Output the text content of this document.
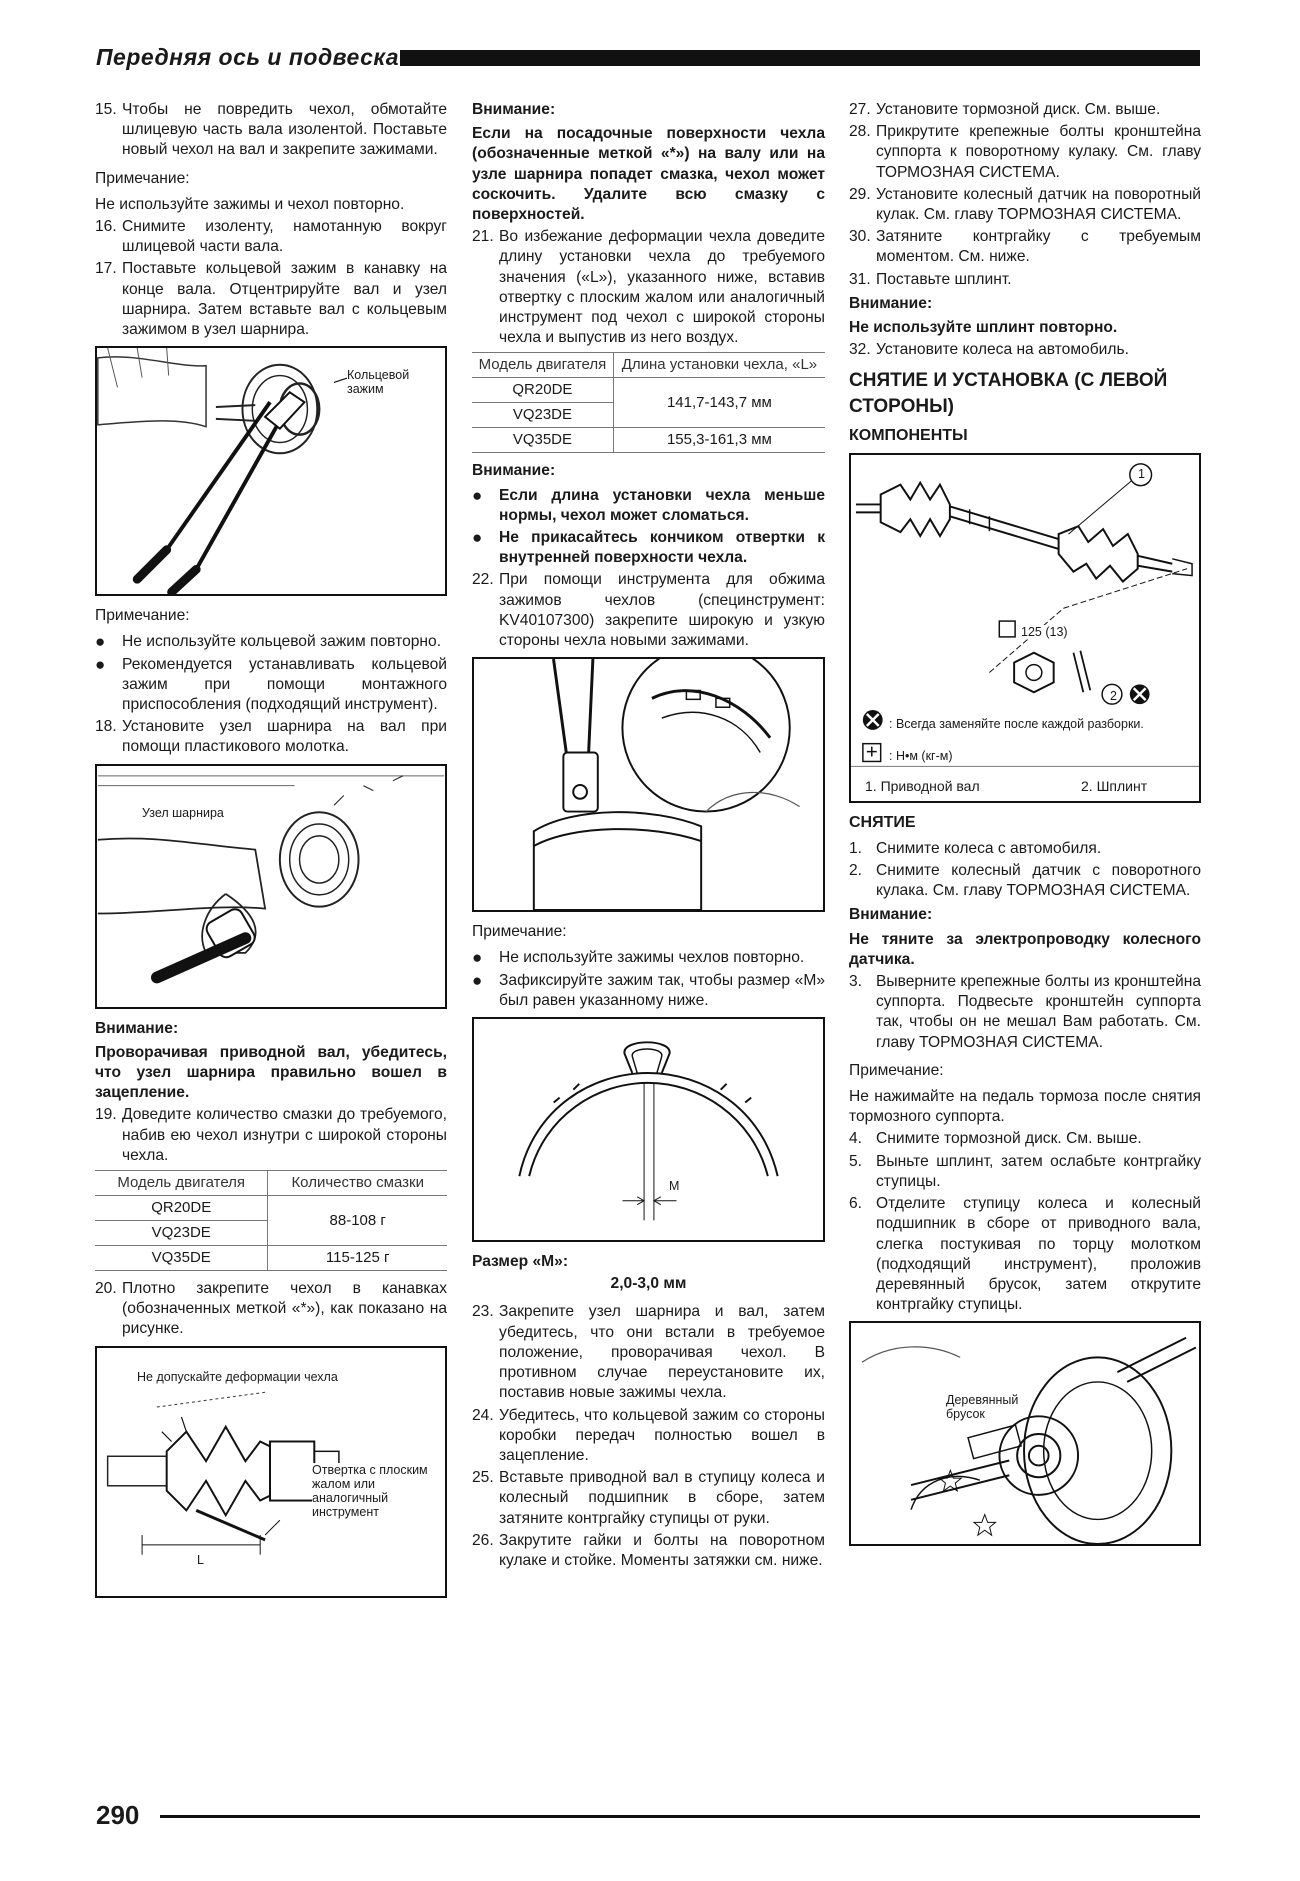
Передняя ось и подвеска
15. Чтобы не повредить чехол, обмотайте шлицевую часть вала изолентой. Поставьте новый чехол на вал и закрепите зажимами.
Примечание:
Не используйте зажимы и чехол повторно.
16. Снимите изоленту, намотанную вокруг шлицевой части вала.
17. Поставьте кольцевой зажим в канавку на конце вала. Отцентрируйте вал и узел шарнира. Затем вставьте вал с кольцевым зажимом в узел шарнира.
Кольцевой зажим
Примечание:
●	Не используйте кольцевой зажим повторно.
●	Рекомендуется устанавливать кольцевой зажим при помощи монтажного приспособления (подходящий инструмент).
18. Установите узел шарнира на вал при помощи пластикового молотка.
Узел шарнира
Внимание:
Проворачивая приводной вал, убедитесь, что узел шарнира правильно вошел в зацепление.
19. Доведите количество смазки до требуемого, набив ею чехол изнутри с широкой стороны чехла.
Модель двигателя	Количество смазки
QR20DE	88-108 г
VQ23DE	
VQ35DE	115-125 г
20. Плотно закрепите чехол в канавках (обозначенных меткой «*»), как показано на рисунке.
Не допускайте деформации чехла
Отвертка с плоским жалом или аналогичный инструмент
L
Внимание:
Если на посадочные поверхности чехла (обозначенные меткой «*») на валу или на узле шарнира попадет смазка, чехол может соскочить. Удалите всю смазку с поверхностей.
21. Во избежание деформации чехла доведите длину установки чехла до требуемого значения («L»), указанного ниже, вставив отвертку с плоским жалом или аналогичный инструмент под чехол с широкой стороны чехла и выпустив из него воздух.
Модель двигателя	Длина установки чехла, «L»
QR20DE	141,7-143,7 мм
VQ23DE	
VQ35DE	155,3-161,3 мм
Внимание:
●	Если длина установки чехла меньше нормы, чехол может сломаться.
●	Не прикасайтесь кончиком отвертки к внутренней поверхности чехла.
22. При помощи инструмента для обжима зажимов чехлов (специнструмент: KV40107300) закрепите широкую и узкую стороны чехла новыми зажимами.
Примечание:
●	Не используйте зажимы чехлов повторно.
●	Зафиксируйте зажим так, чтобы размер «М» был равен указанному ниже.
М
Размер «М»:
2,0-3,0 мм
23. Закрепите узел шарнира и вал, затем убедитесь, что они встали в требуемое положение, проворачивая чехол. В противном случае переустановите их, поставив новые зажимы чехла.
24. Убедитесь, что кольцевой зажим со стороны коробки передач полностью вошел в зацепление.
25. Вставьте приводной вал в ступицу колеса и колесный подшипник в сборе, затем затяните контргайку ступицы от руки.
26. Закрутите гайки и болты на поворотном кулаке и стойке. Моменты затяжки см. ниже.
27. Установите тормозной диск. См. выше.
28. Прикрутите крепежные болты кронштейна суппорта к поворотному кулаку. См. главу ТОРМОЗНАЯ СИСТЕМА.
29. Установите колесный датчик на поворотный кулак. См. главу ТОРМОЗНАЯ СИСТЕМА.
30. Затяните контргайку с требуемым моментом. См. ниже.
31. Поставьте шплинт.
Внимание:
Не используйте шплинт повторно.
32. Установите колеса на автомобиль.
СНЯТИЕ И УСТАНОВКА (С ЛЕВОЙ СТОРОНЫ)
КОМПОНЕНТЫ
1
2
125 (13)
: Всегда заменяйте после каждой разборки.
: Н•м (кг-м)
1. Приводной вал	2. Шплинт
СНЯТИЕ
1. Снимите колеса с автомобиля.
2. Снимите колесный датчик с поворотного кулака. См. главу ТОРМОЗНАЯ СИСТЕМА.
Внимание:
Не тяните за электропроводку колесного датчика.
3. Выверните крепежные болты из кронштейна суппорта. Подвесьте кронштейн суппорта так, чтобы он не мешал Вам работать. См. главу ТОРМОЗНАЯ СИСТЕМА.
Примечание:
Не нажимайте на педаль тормоза после снятия тормозного суппорта.
4. Снимите тормозной диск. См. выше.
5. Выньте шплинт, затем ослабьте контргайку ступицы.
6. Отделите ступицу колеса и колесный подшипник в сборе от приводного вала, слегка постукивая по торцу молотком (подходящий инструмент), проложив деревянный брусок, затем открутите контргайку ступицы.
Деревянный брусок
290
